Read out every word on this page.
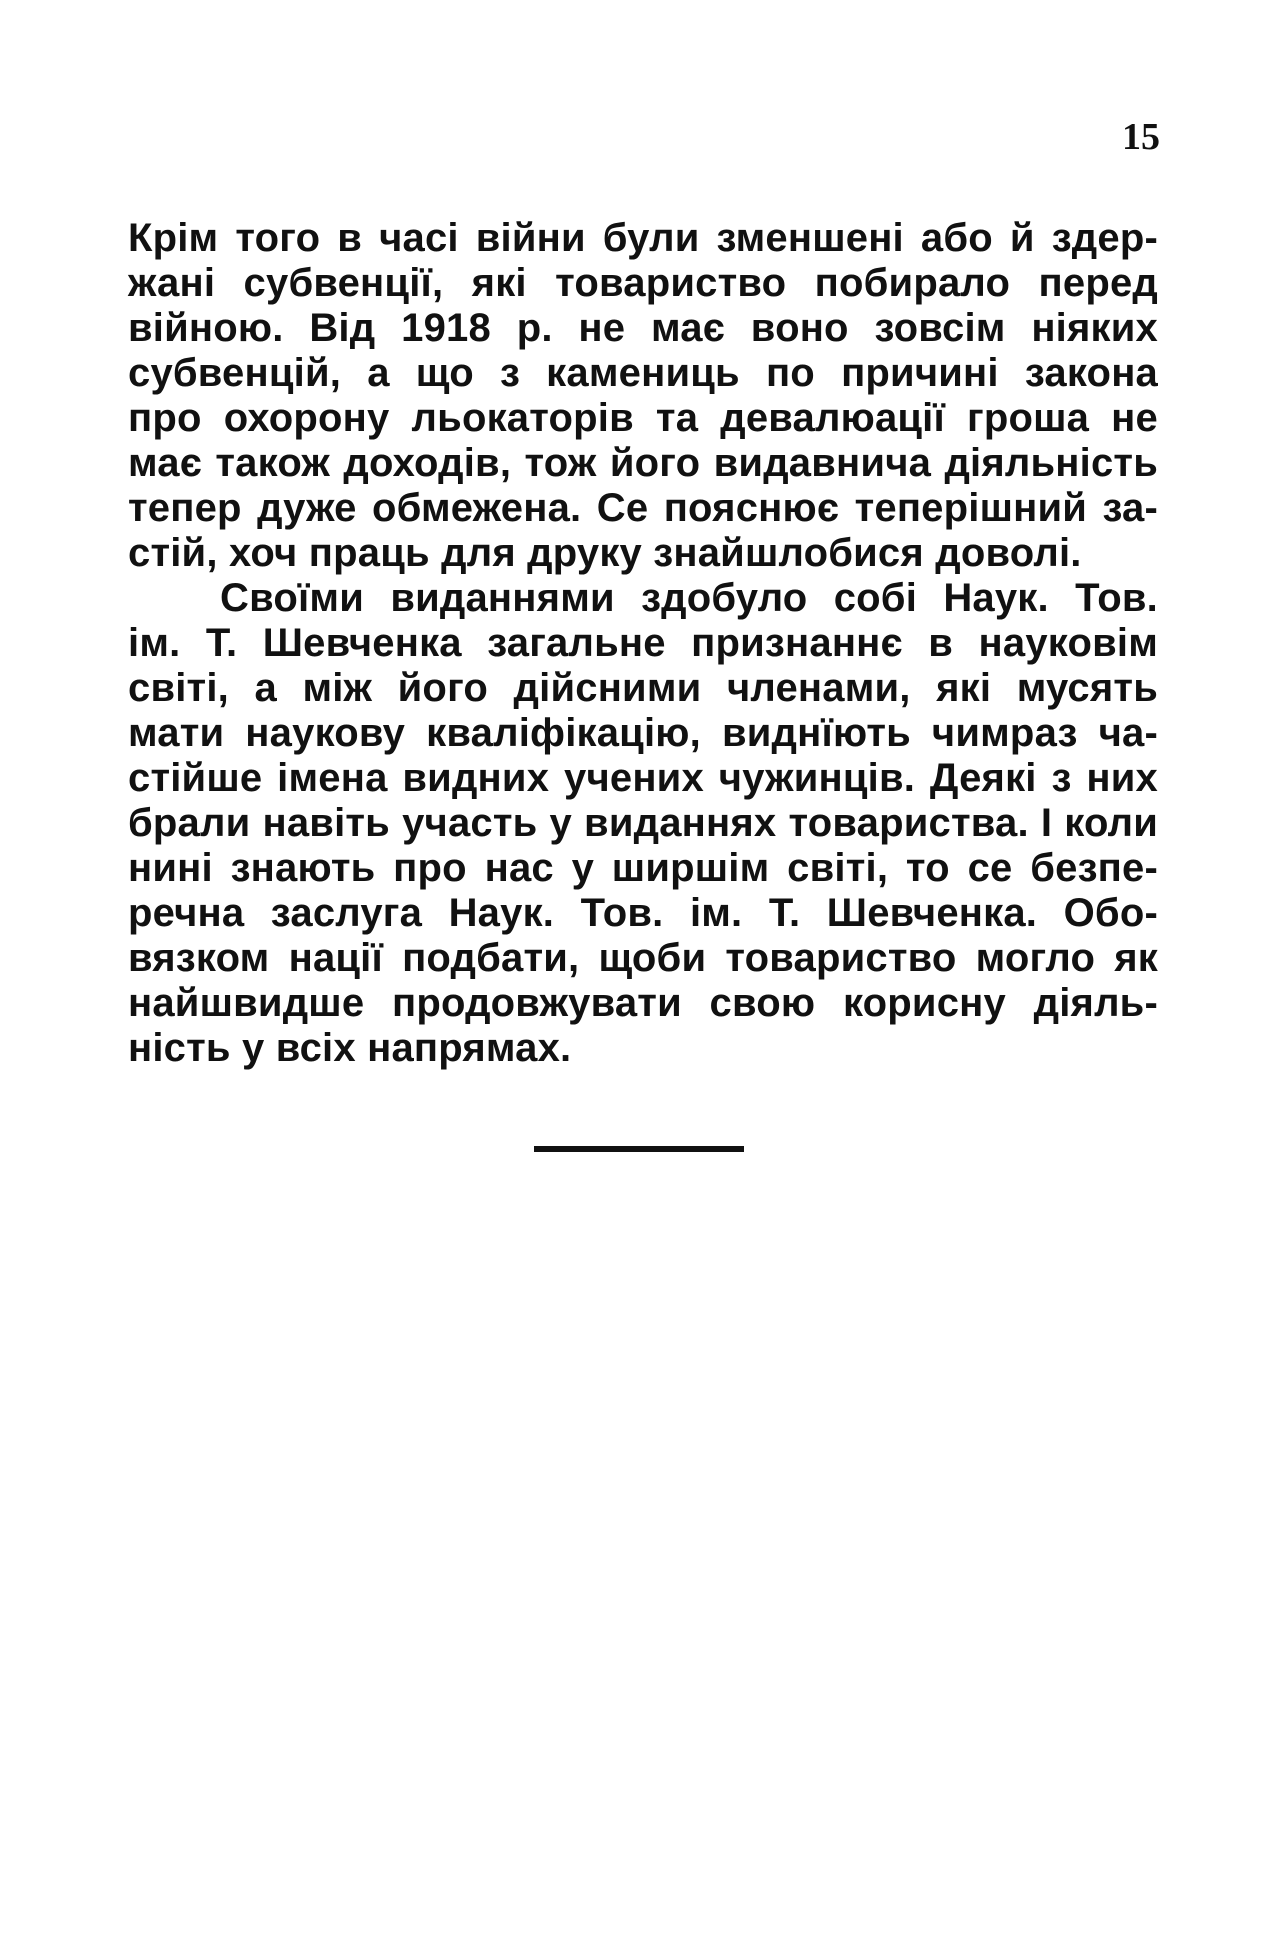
15
Крім того в часі війни були зменшені або й здер-
жані субвенції, які товариство побирало перед
війною. Від 1918 р. не має воно зовсім ніяких
субвенцій, а що з камениць по причині закона
про охорону льокаторів та девалюації гроша не
має також доходів, тож його видавнича діяльність
тепер дуже обмежена. Се пояснює теперішний за-
стій, хоч праць для друку знайшлобися доволі.
Своїми виданнями здобуло собі Наук. Тов.
ім. Т. Шевченка загальне признаннє в науковім
світі, а між його дійсними членами, які мусять
мати наукову кваліфікацію, виднїють чимраз ча-
стійше імена видних учених чужинців. Деякі з них
брали навіть участь у виданнях товариства. І коли
нині знають про нас у ширшім світі, то се безпе-
речна заслуга Наук. Тов. ім. Т. Шевченка. Обо-
вязком нації подбати, щоби товариство могло як
найшвидше продовжувати свою корисну діяль-
ність у всіх напрямах.
